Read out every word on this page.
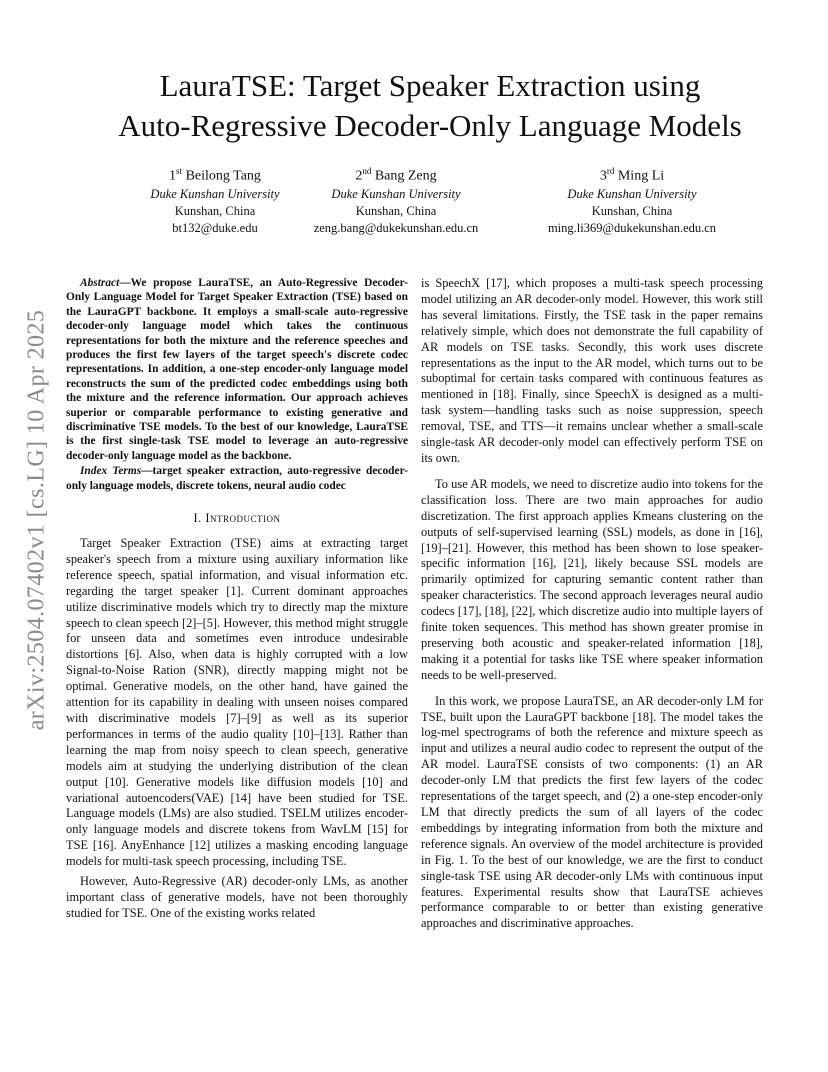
arXiv:2504.07402v1 [cs.LG] 10 Apr 2025
LauraTSE: Target Speaker Extraction using
Auto-Regressive Decoder-Only Language Models
1st Beilong Tang
Duke Kunshan University
Kunshan, China
bt132@duke.edu
2nd Bang Zeng
Duke Kunshan University
Kunshan, China
zeng.bang@dukekunshan.edu.cn
3rd Ming Li
Duke Kunshan University
Kunshan, China
ming.li369@dukekunshan.edu.cn

Abstract—We propose LauraTSE, an Auto-Regressive Decoder-Only Language Model for Target Speaker Extraction (TSE) based on the LauraGPT backbone. It employs a small-scale auto-regressive decoder-only language model which takes the continuous representations for both the mixture and the reference speeches and produces the first few layers of the target speech's discrete codec representations. In addition, a one-step encoder-only language model reconstructs the sum of the predicted codec embeddings using both the mixture and the reference information. Our approach achieves superior or comparable performance to existing generative and discriminative TSE models. To the best of our knowledge, LauraTSE is the first single-task TSE model to leverage an auto-regressive decoder-only language model as the backbone.

Index Terms—target speaker extraction, auto-regressive decoder-only language models, discrete tokens, neural audio codec

I. Introduction

Target Speaker Extraction (TSE) aims at extracting target speaker's speech from a mixture using auxiliary information like reference speech, spatial information, and visual information etc. regarding the target speaker [1]. Current dominant approaches utilize discriminative models which try to directly map the mixture speech to clean speech [2]–[5]. However, this method might struggle for unseen data and sometimes even introduce undesirable distortions [6]. Also, when data is highly corrupted with a low Signal-to-Noise Ration (SNR), directly mapping might not be optimal. Generative models, on the other hand, have gained the attention for its capability in dealing with unseen noises compared with discriminative models [7]–[9] as well as its superior performances in terms of the audio quality [10]–[13]. Rather than learning the map from noisy speech to clean speech, generative models aim at studying the underlying distribution of the clean output [10]. Generative models like diffusion models [10] and variational autoencoders(VAE) [14] have been studied for TSE. Language models (LMs) are also studied. TSELM utilizes encoder-only language models and discrete tokens from WavLM [15] for TSE [16]. AnyEnhance [12] utilizes a masking encoding language models for multi-task speech processing, including TSE.

However, Auto-Regressive (AR) decoder-only LMs, as another important class of generative models, have not been thoroughly studied for TSE. One of the existing works related

is SpeechX [17], which proposes a multi-task speech processing model utilizing an AR decoder-only model. However, this work still has several limitations. Firstly, the TSE task in the paper remains relatively simple, which does not demonstrate the full capability of AR models on TSE tasks. Secondly, this work uses discrete representations as the input to the AR model, which turns out to be suboptimal for certain tasks compared with continuous features as mentioned in [18]. Finally, since SpeechX is designed as a multi-task system—handling tasks such as noise suppression, speech removal, TSE, and TTS—it remains unclear whether a small-scale single-task AR decoder-only model can effectively perform TSE on its own.

To use AR models, we need to discretize audio into tokens for the classification loss. There are two main approaches for audio discretization. The first approach applies Kmeans clustering on the outputs of self-supervised learning (SSL) models, as done in [16], [19]–[21]. However, this method has been shown to lose speaker-specific information [16], [21], likely because SSL models are primarily optimized for capturing semantic content rather than speaker characteristics. The second approach leverages neural audio codecs [17], [18], [22], which discretize audio into multiple layers of finite token sequences. This method has shown greater promise in preserving both acoustic and speaker-related information [18], making it a potential for tasks like TSE where speaker information needs to be well-preserved.

In this work, we propose LauraTSE, an AR decoder-only LM for TSE, built upon the LauraGPT backbone [18]. The model takes the log-mel spectrograms of both the reference and mixture speech as input and utilizes a neural audio codec to represent the output of the AR model. LauraTSE consists of two components: (1) an AR decoder-only LM that predicts the first few layers of the codec representations of the target speech, and (2) a one-step encoder-only LM that directly predicts the sum of all layers of the codec embeddings by integrating information from both the mixture and reference signals. An overview of the model architecture is provided in Fig. 1. To the best of our knowledge, we are the first to conduct single-task TSE using AR decoder-only LMs with continuous input features. Experimental results show that LauraTSE achieves performance comparable to or better than existing generative approaches and discriminative approaches.
